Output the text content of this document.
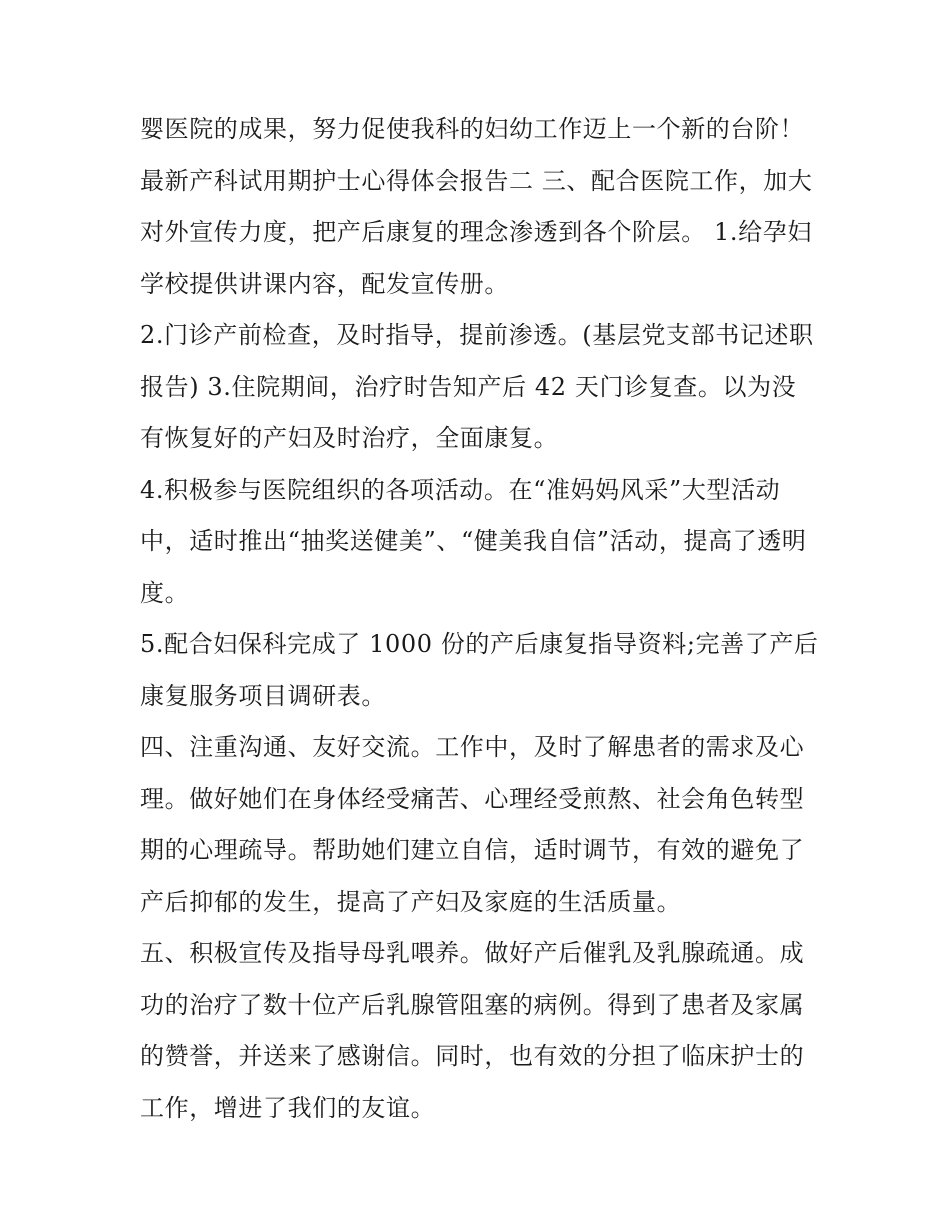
婴医院的成果，努力促使我科的妇幼工作迈上一个新的台阶！最新产科试用期护士心得体会报告二 三、配合医院工作，加大对外宣传力度，把产后康复的理念渗透到各个阶层。 1.给孕妇学校提供讲课内容，配发宣传册。

2.门诊产前检查，及时指导，提前渗透。(基层党支部书记述职报告) 3.住院期间，治疗时告知产后 42 天门诊复查。以为没有恢复好的产妇及时治疗，全面康复。

4.积极参与医院组织的各项活动。在“准妈妈风采”大型活动中，适时推出“抽奖送健美”、“健美我自信”活动，提高了透明度。

5.配合妇保科完成了 1000 份的产后康复指导资料;完善了产后康复服务项目调研表。

四、注重沟通、友好交流。工作中，及时了解患者的需求及心理。做好她们在身体经受痛苦、心理经受煎熬、社会角色转型期的心理疏导。帮助她们建立自信，适时调节，有效的避免了产后抑郁的发生，提高了产妇及家庭的生活质量。

五、积极宣传及指导母乳喂养。做好产后催乳及乳腺疏通。成功的治疗了数十位产后乳腺管阻塞的病例。得到了患者及家属的赞誉，并送来了感谢信。同时，也有效的分担了临床护士的工作，增进了我们的友谊。
